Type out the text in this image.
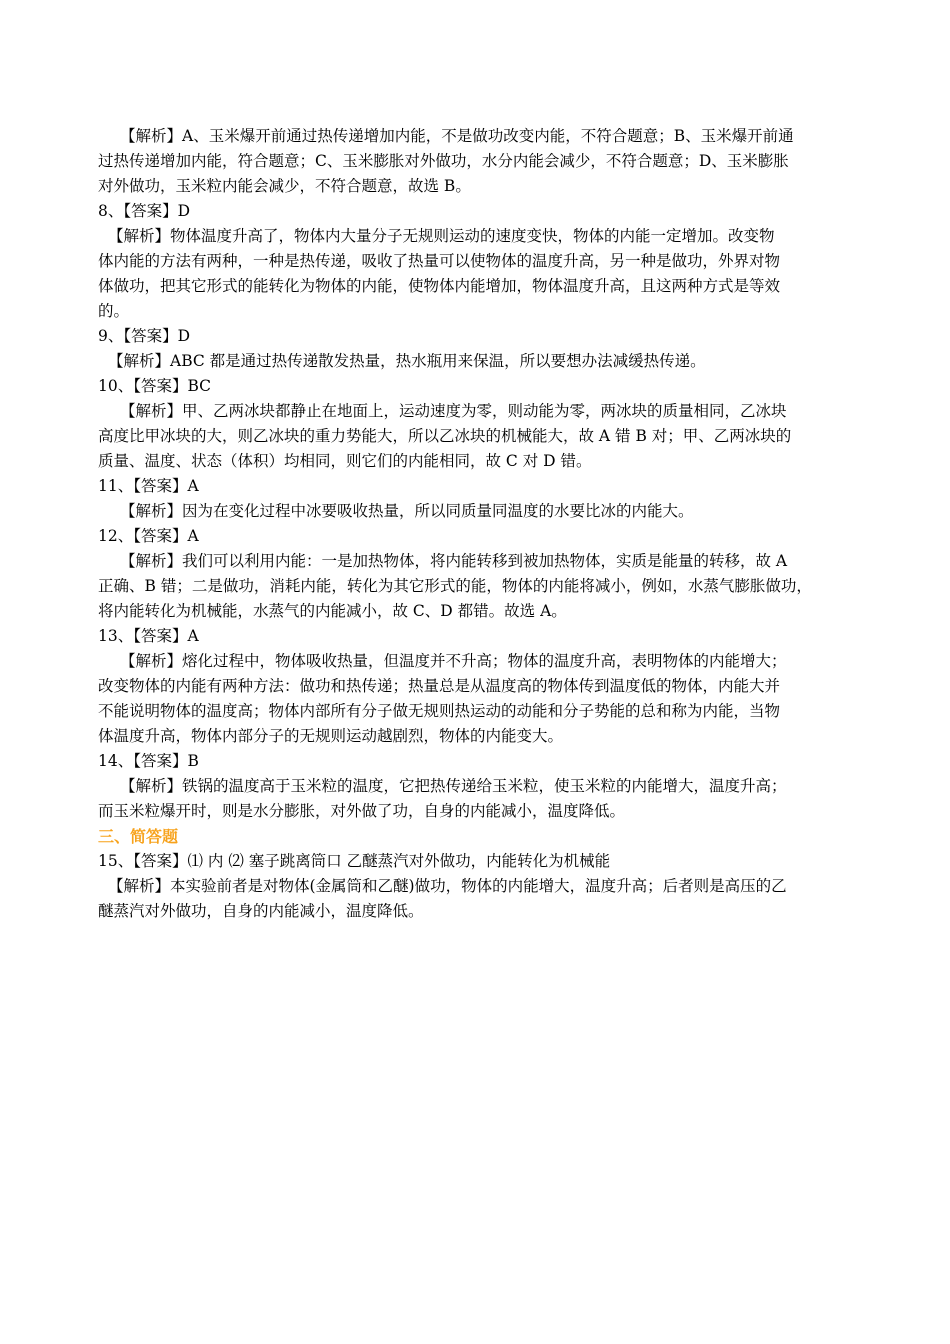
【解析】A、玉米爆开前通过热传递增加内能，不是做功改变内能，不符合题意；B、玉米爆开前通
过热传递增加内能，符合题意；C、玉米膨胀对外做功，水分内能会减少，不符合题意；D、玉米膨胀
对外做功，玉米粒内能会减少，不符合题意，故选 B。
8、【答案】D
【解析】物体温度升高了，物体内大量分子无规则运动的速度变快，物体的内能一定增加。改变物
体内能的方法有两种，一种是热传递，吸收了热量可以使物体的温度升高，另一种是做功，外界对物
体做功，把其它形式的能转化为物体的内能，使物体内能增加，物体温度升高，且这两种方式是等效
的。
9、【答案】D
【解析】ABC 都是通过热传递散发热量，热水瓶用来保温，所以要想办法减缓热传递。
10、【答案】BC
【解析】甲、乙两冰块都静止在地面上，运动速度为零，则动能为零，两冰块的质量相同，乙冰块
高度比甲冰块的大，则乙冰块的重力势能大，所以乙冰块的机械能大，故 A 错 B 对；甲、乙两冰块的
质量、温度、状态（体积）均相同，则它们的内能相同，故 C 对 D 错。
11、【答案】A
【解析】因为在变化过程中冰要吸收热量，所以同质量同温度的水要比冰的内能大。
12、【答案】A
【解析】我们可以利用内能：一是加热物体，将内能转移到被加热物体，实质是能量的转移，故 A
正确、B 错；二是做功，消耗内能，转化为其它形式的能，物体的内能将减小，例如，水蒸气膨胀做功，
将内能转化为机械能，水蒸气的内能减小，故 C、D 都错。故选 A。
13、【答案】A
【解析】熔化过程中，物体吸收热量，但温度并不升高；物体的温度升高，表明物体的内能增大；
改变物体的内能有两种方法：做功和热传递；热量总是从温度高的物体传到温度低的物体，内能大并
不能说明物体的温度高；物体内部所有分子做无规则热运动的动能和分子势能的总和称为内能，当物
体温度升高，物体内部分子的无规则运动越剧烈，物体的内能变大。
14、【答案】B
【解析】铁锅的温度高于玉米粒的温度，它把热传递给玉米粒，使玉米粒的内能增大，温度升高；
而玉米粒爆开时，则是水分膨胀，对外做了功，自身的内能减小，温度降低。
三、简答题
15、【答案】⑴ 内 ⑵ 塞子跳离筒口 乙醚蒸汽对外做功，内能转化为机械能
【解析】本实验前者是对物体(金属筒和乙醚)做功，物体的内能增大，温度升高；后者则是高压的乙
醚蒸汽对外做功，自身的内能减小，温度降低。
